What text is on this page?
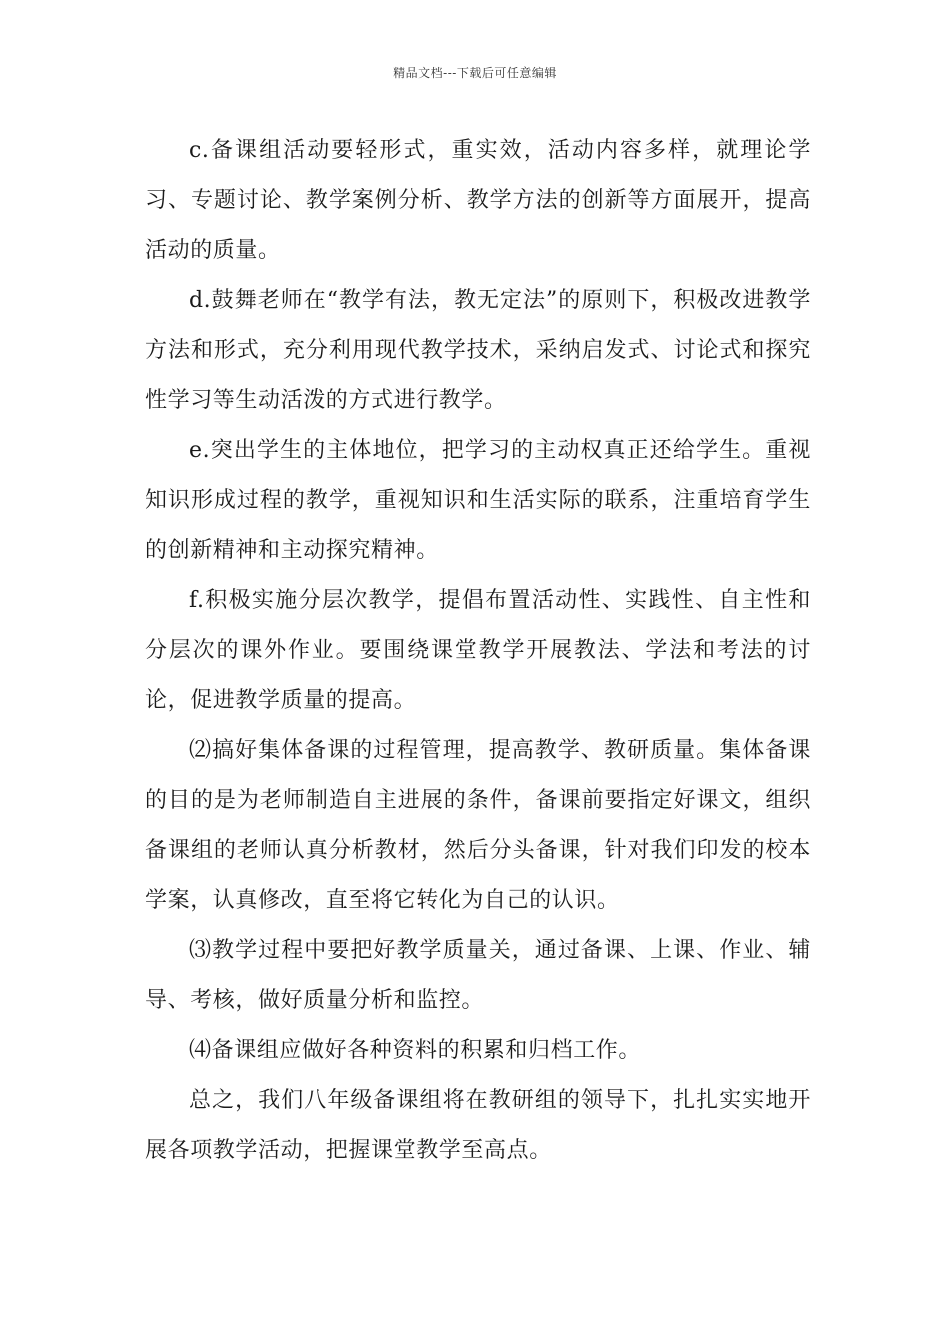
精品文档---下载后可任意编辑

c.备课组活动要轻形式，重实效，活动内容多样，就理论学习、专题讨论、教学案例分析、教学方法的创新等方面展开，提高活动的质量。

d.鼓舞老师在“教学有法，教无定法”的原则下，积极改进教学方法和形式，充分利用现代教学技术，采纳启发式、讨论式和探究性学习等生动活泼的方式进行教学。

e.突出学生的主体地位，把学习的主动权真正还给学生。重视知识形成过程的教学，重视知识和生活实际的联系，注重培育学生的创新精神和主动探究精神。

f.积极实施分层次教学，提倡布置活动性、实践性、自主性和分层次的课外作业。要围绕课堂教学开展教法、学法和考法的讨论，促进教学质量的提高。

⑵搞好集体备课的过程管理，提高教学、教研质量。集体备课的目的是为老师制造自主进展的条件，备课前要指定好课文，组织备课组的老师认真分析教材，然后分头备课，针对我们印发的校本学案，认真修改，直至将它转化为自己的认识。

⑶教学过程中要把好教学质量关，通过备课、上课、作业、辅导、考核，做好质量分析和监控。

⑷备课组应做好各种资料的积累和归档工作。

总之，我们八年级备课组将在教研组的领导下，扎扎实实地开展各项教学活动，把握课堂教学至高点。
